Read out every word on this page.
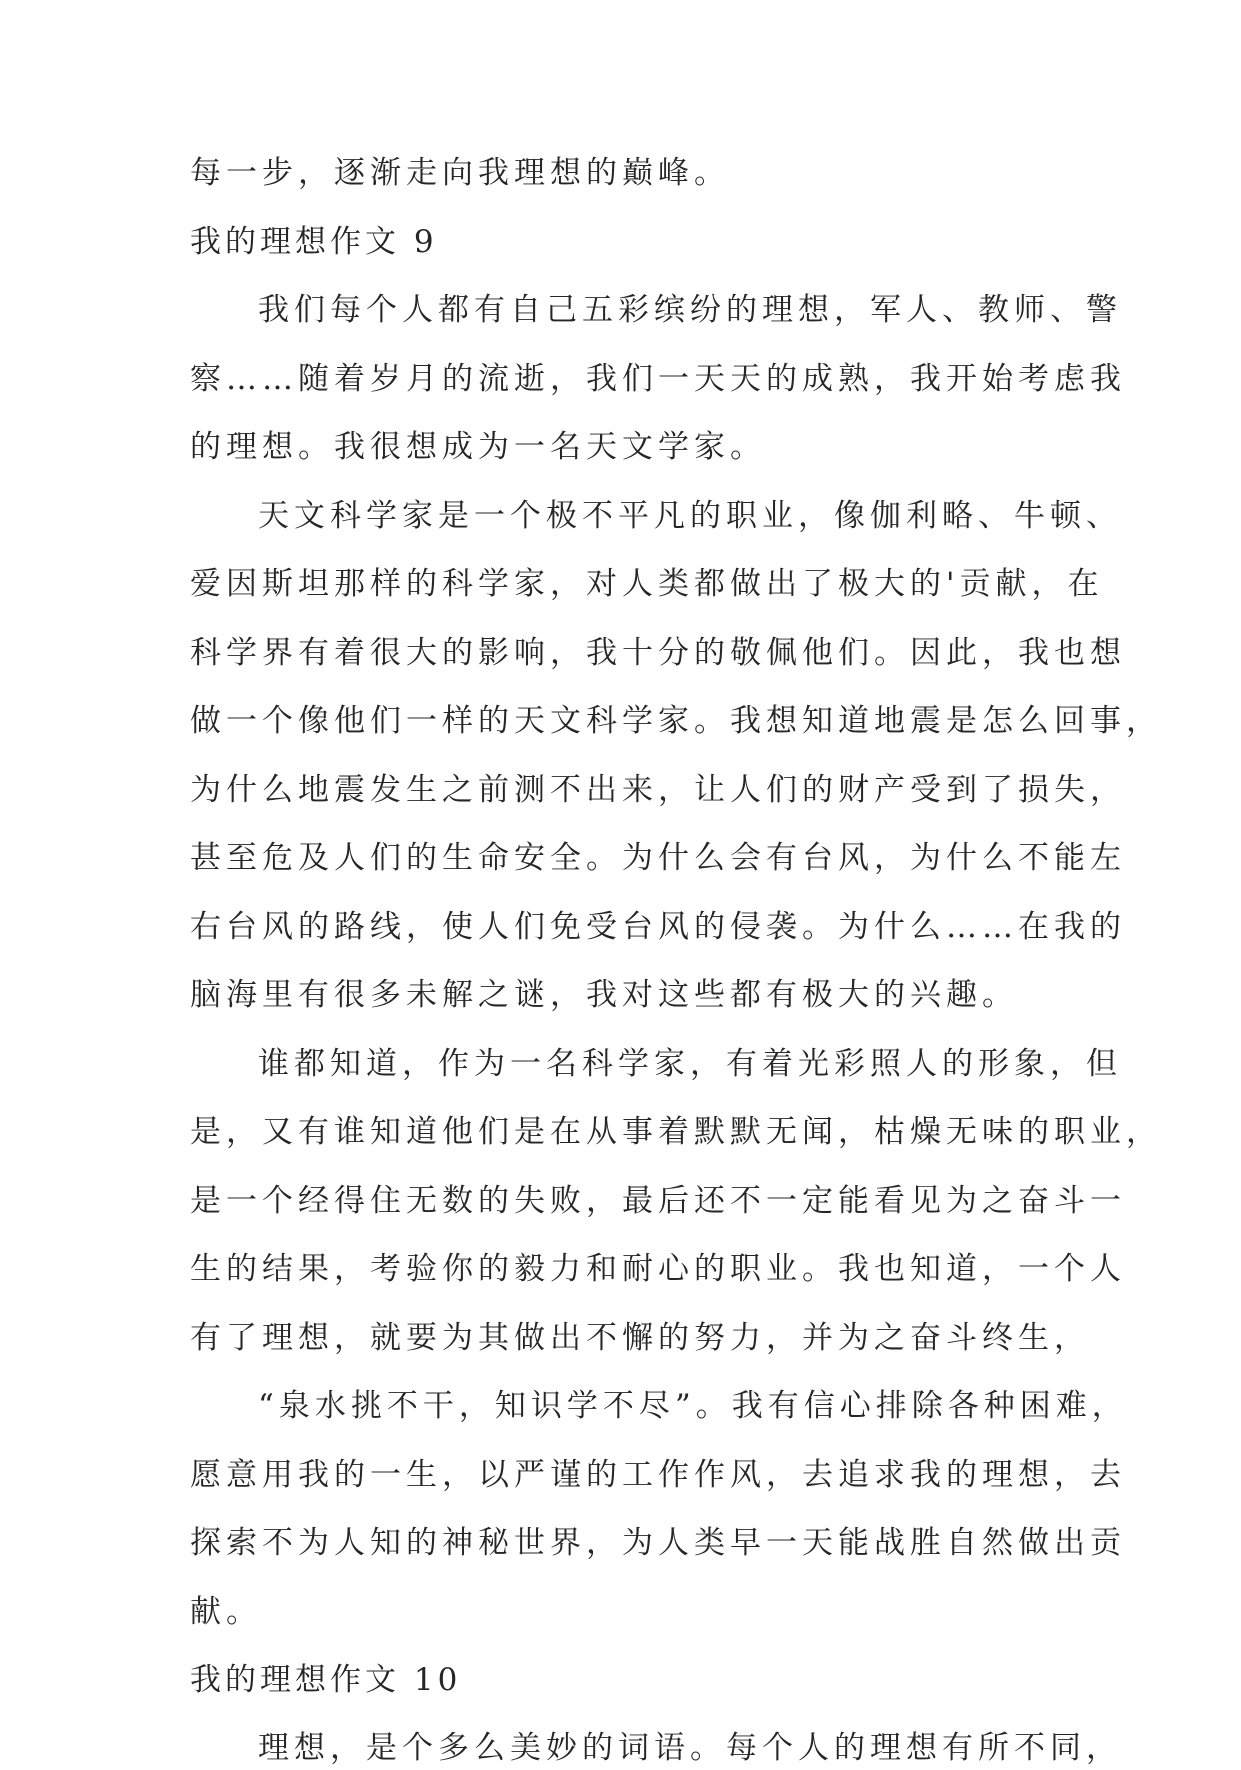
每一步，逐渐走向我理想的巅峰。
我的理想作文 9
我们每个人都有自己五彩缤纷的理想，军人、教师、警
察……随着岁月的流逝，我们一天天的成熟，我开始考虑我
的理想。我很想成为一名天文学家。
天文科学家是一个极不平凡的职业，像伽利略、牛顿、
爱因斯坦那样的科学家，对人类都做出了极大的'贡献，在
科学界有着很大的影响，我十分的敬佩他们。因此，我也想
做一个像他们一样的天文科学家。我想知道地震是怎么回事，
为什么地震发生之前测不出来，让人们的财产受到了损失，
甚至危及人们的生命安全。为什么会有台风，为什么不能左
右台风的路线，使人们免受台风的侵袭。为什么……在我的
脑海里有很多未解之谜，我对这些都有极大的兴趣。
谁都知道，作为一名科学家，有着光彩照人的形象，但
是，又有谁知道他们是在从事着默默无闻，枯燥无味的职业，
是一个经得住无数的失败，最后还不一定能看见为之奋斗一
生的结果，考验你的毅力和耐心的职业。我也知道，一个人
有了理想，就要为其做出不懈的努力，并为之奋斗终生，
“泉水挑不干，知识学不尽”。我有信心排除各种困难，
愿意用我的一生，以严谨的工作作风，去追求我的理想，去
探索不为人知的神秘世界，为人类早一天能战胜自然做出贡
献。
我的理想作文 10
理想，是个多么美妙的词语。每个人的理想有所不同，
